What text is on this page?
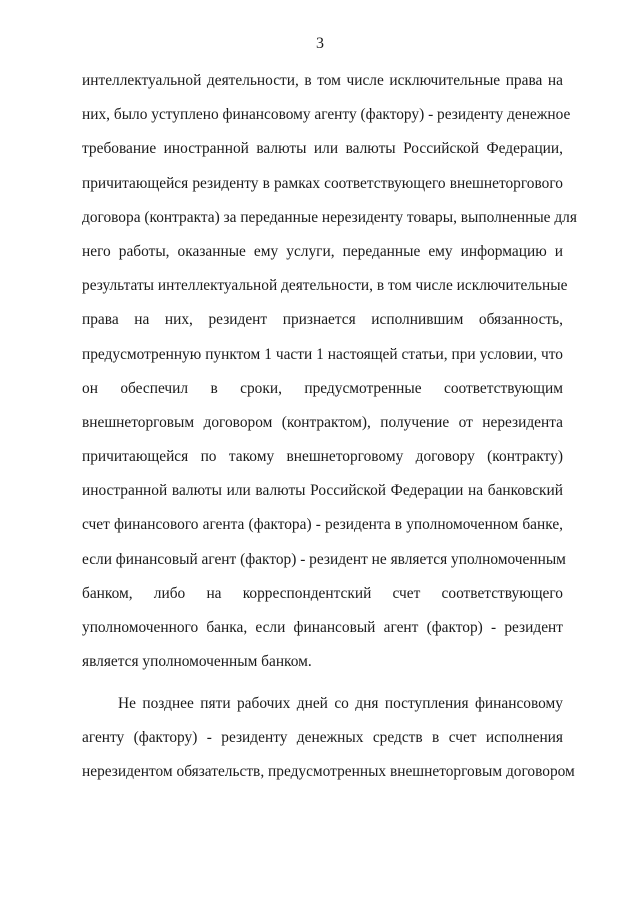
3
интеллектуальной деятельности, в том числе исключительные права на
них, было уступлено финансовому агенту (фактору) - резиденту денежное
требование иностранной валюты или валюты Российской Федерации,
причитающейся резиденту в рамках соответствующего внешнеторгового
договора (контракта) за переданные нерезиденту товары, выполненные для
него работы, оказанные ему услуги, переданные ему информацию и
результаты интеллектуальной деятельности, в том числе исключительные
права на них, резидент признается исполнившим обязанность,
предусмотренную пунктом 1 части 1 настоящей статьи, при условии, что
он обеспечил в сроки, предусмотренные соответствующим
внешнеторговым договором (контрактом), получение от нерезидента
причитающейся по такому внешнеторговому договору (контракту)
иностранной валюты или валюты Российской Федерации на банковский
счет финансового агента (фактора) - резидента в уполномоченном банке,
если финансовый агент (фактор) - резидент не является уполномоченным
банком, либо на корреспондентский счет соответствующего
уполномоченного банка, если финансовый агент (фактор) - резидент
является уполномоченным банком.
Не позднее пяти рабочих дней со дня поступления финансовому
агенту (фактору) - резиденту денежных средств в счет исполнения
нерезидентом обязательств, предусмотренных внешнеторговым договором
